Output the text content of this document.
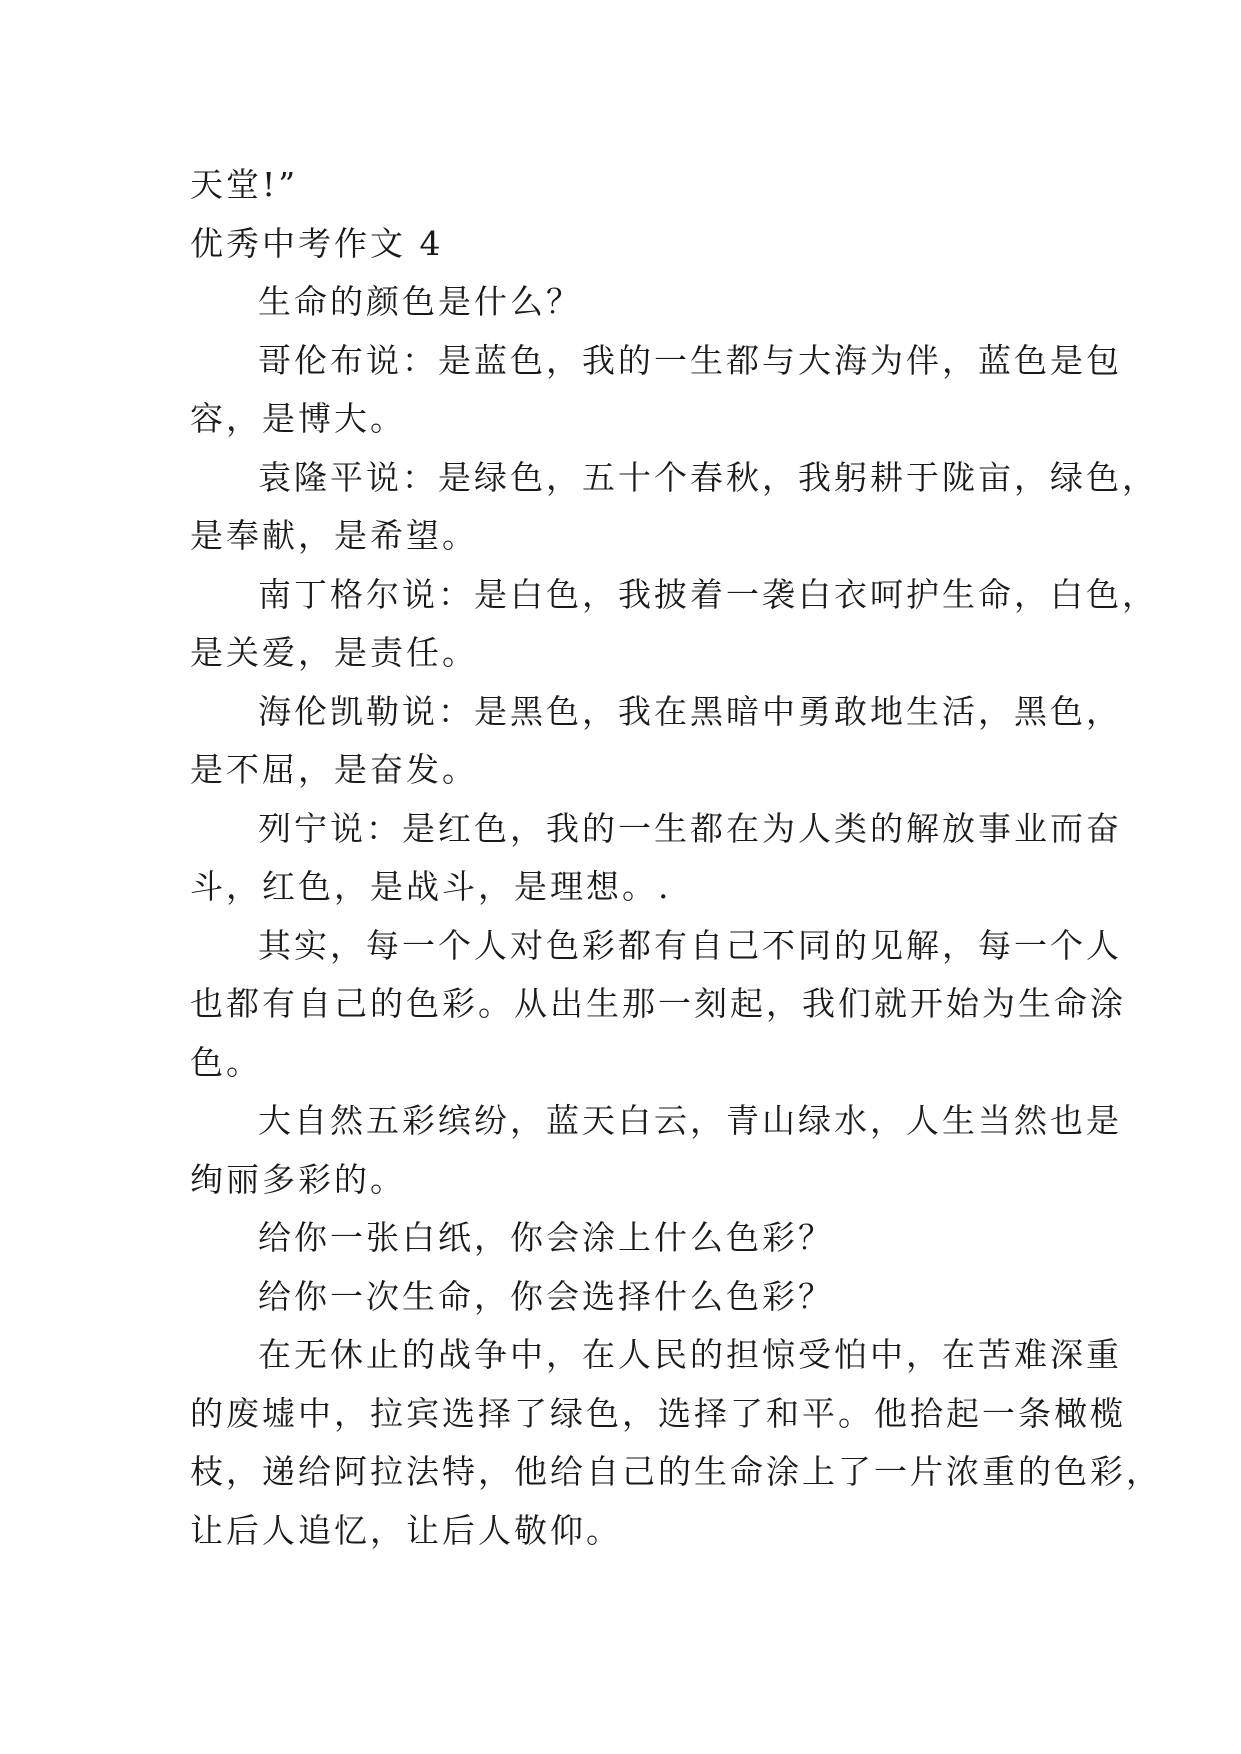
天堂!”
优秀中考作文 4
生命的颜色是什么？
哥伦布说：是蓝色，我的一生都与大海为伴，蓝色是包
容，是博大。
袁隆平说：是绿色，五十个春秋，我躬耕于陇亩，绿色，
是奉献，是希望。
南丁格尔说：是白色，我披着一袭白衣呵护生命，白色，
是关爱，是责任。
海伦凯勒说：是黑色，我在黑暗中勇敢地生活，黑色，
是不屈，是奋发。
列宁说：是红色，我的一生都在为人类的解放事业而奋
斗，红色，是战斗，是理想。.
其实，每一个人对色彩都有自己不同的见解，每一个人
也都有自己的色彩。从出生那一刻起，我们就开始为生命涂
色。
大自然五彩缤纷，蓝天白云，青山绿水，人生当然也是
绚丽多彩的。
给你一张白纸，你会涂上什么色彩？
给你一次生命，你会选择什么色彩？
在无休止的战争中，在人民的担惊受怕中，在苦难深重
的废墟中，拉宾选择了绿色，选择了和平。他拾起一条橄榄
枝，递给阿拉法特，他给自己的生命涂上了一片浓重的色彩，
让后人追忆，让后人敬仰。
